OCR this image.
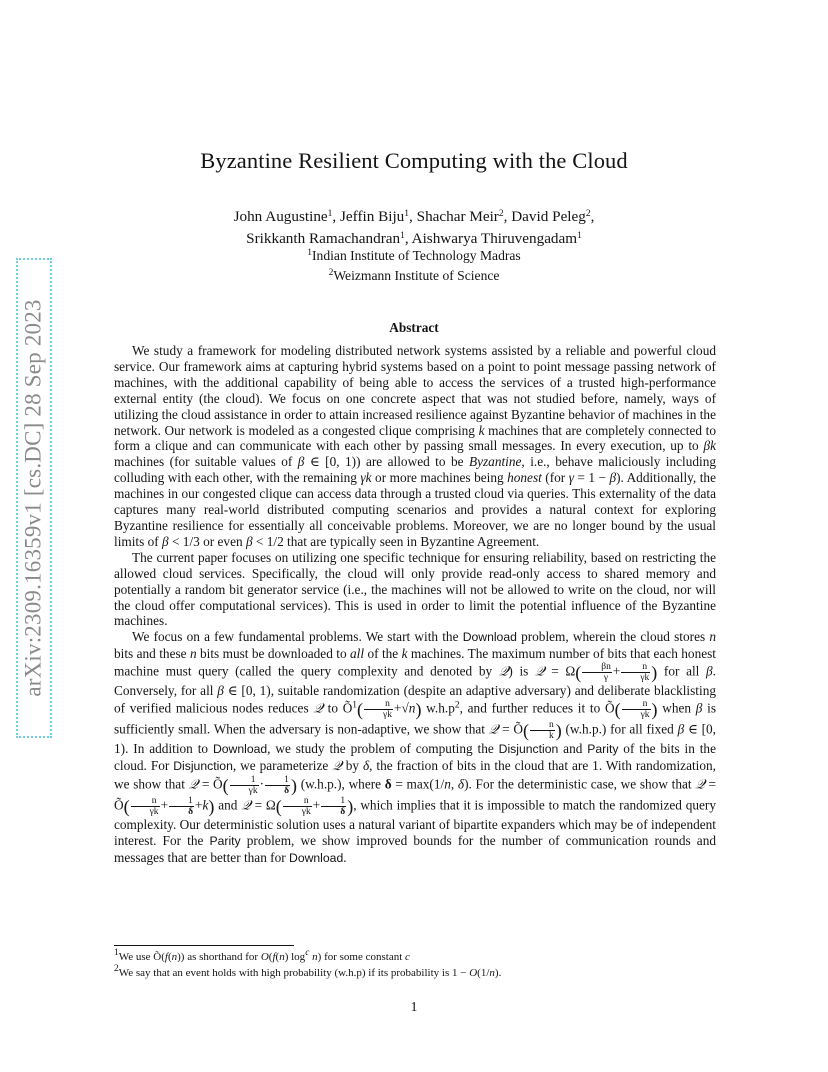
arXiv:2309.16359v1 [cs.DC] 28 Sep 2023
Byzantine Resilient Computing with the Cloud
John Augustine$^1$, Jeffin Biju$^1$, Shachar Meir$^2$, David Peleg$^2$,
Srikkanth Ramachandran$^1$, Aishwarya Thiruvengadam$^1$
$^1$Indian Institute of Technology Madras
$^2$Weizmann Institute of Science
Abstract

We study a framework for modeling distributed network systems assisted by a reliable and powerful cloud service. Our framework aims at capturing hybrid systems based on a point to point message passing network of machines, with the additional capability of being able to access the services of a trusted high-performance external entity (the cloud). We focus on one concrete aspect that was not studied before, namely, ways of utilizing the cloud assistance in order to attain increased resilience against Byzantine behavior of machines in the network. Our network is modeled as a congested clique comprising k machines that are completely connected to form a clique and can communicate with each other by passing small messages. In every execution, up to βk machines (for suitable values of β ∈ [0, 1)) are allowed to be Byzantine, i.e., behave maliciously including colluding with each other, with the remaining γk or more machines being honest (for γ = 1 − β). Additionally, the machines in our congested clique can access data through a trusted cloud via queries. This externality of the data captures many real-world distributed computing scenarios and provides a natural context for exploring Byzantine resilience for essentially all conceivable problems. Moreover, we are no longer bound by the usual limits of β < 1/3 or even β < 1/2 that are typically seen in Byzantine Agreement.

The current paper focuses on utilizing one specific technique for ensuring reliability, based on restricting the allowed cloud services. Specifically, the cloud will only provide read-only access to shared memory and potentially a random bit generator service (i.e., the machines will not be allowed to write on the cloud, nor will the cloud offer computational services). This is used in order to limit the potential influence of the Byzantine machines.

We focus on a few fundamental problems. We start with the Download problem, wherein the cloud stores n bits and these n bits must be downloaded to all of the k machines. The maximum number of bits that each honest machine must query (called the query complexity and denoted by 𝒬) is 𝒬 = $\Omega( \frac{\beta n}{\gamma} + \frac{n}{\gamma k}$ ) for all β. Conversely, for all β ∈ [0, 1), suitable randomization (despite an adaptive adversary) and deliberate blacklisting of verified malicious nodes reduces 𝒬 to $Õ^1( \frac{n}{\gamma k} +√n)$ $w.h.p^2$, and further reduces it to Õ( $\frac{n}{\gamma k}$ ) when β is sufficiently small. When the adversary is non-adaptive, we show that 𝒬 = Õ( $\frac{n}{k}$ ) (w.h.p.) for all fixed β ∈ [0, 1). In addition to Download, we study the problem of computing the Disjunction and Parity of the bits in the cloud. For Disjunction, we parameterize 𝒬 by δ, the fraction of bits in the cloud that are 1. With randomization, we show that 𝒬 = Õ( $\frac{1}{\gamma k} \cdot \frac{1}{\delta}$ ) (w.h.p.), where δ = max(1/n, δ). For the deterministic case, we show that 𝒬 = Õ( $\frac{n}{\gamma k} + \frac{1}{\delta} +k$) and 𝒬 = $\Omega( \frac{n}{\gamma k} + \frac{1}{\delta}$ ), which implies that it is impossible to match the randomized query complexity. Our deterministic solution uses a natural variant of bipartite expanders which may be of independent interest. For the Parity problem, we show improved bounds for the number of communication rounds and messages that are better than for Download.

$^1$We use Õ(f(n)) as shorthand for O(f(n) $\log^c n$) for some constant c
$^2$We say that an event holds with high probability (w.h.p) if its probability is 1 − O(1/n).
1
